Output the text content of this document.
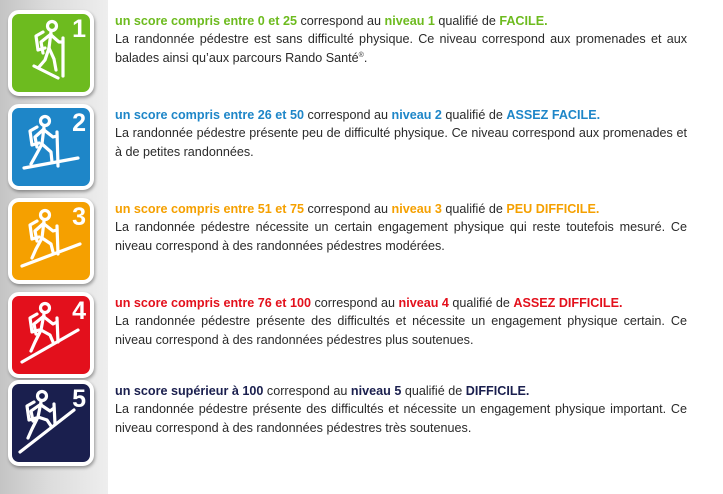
1 un score compris entre 0 et 25 correspond au niveau 1 qualifié de FACILE.
La randonnée pédestre est sans difficulté physique. Ce niveau correspond aux promenades et aux balades ainsi qu’aux parcours Rando Santé®.
2 un score compris entre 26 et 50 correspond au niveau 2 qualifié de ASSEZ FACILE.
La randonnée pédestre présente peu de difficulté physique. Ce niveau correspond aux promenades et à de petites randonnées.
3 un score compris entre 51 et 75 correspond au niveau 3 qualifié de PEU DIFFICILE.
La randonnée pédestre nécessite un certain engagement physique qui reste toutefois mesuré. Ce niveau correspond à des randonnées pédestres modérées.
4 un score compris entre 76 et 100 correspond au niveau 4 qualifié de ASSEZ DIFFICILE.
La randonnée pédestre présente des difficultés et nécessite un engagement physique certain. Ce niveau correspond à des randonnées pédestres plus soutenues.
5 un score supérieur à 100 correspond au niveau 5 qualifié de DIFFICILE.
La randonnée pédestre présente des difficultés et nécessite un engagement physique important. Ce niveau correspond à des randonnées pédestres très soutenues.
